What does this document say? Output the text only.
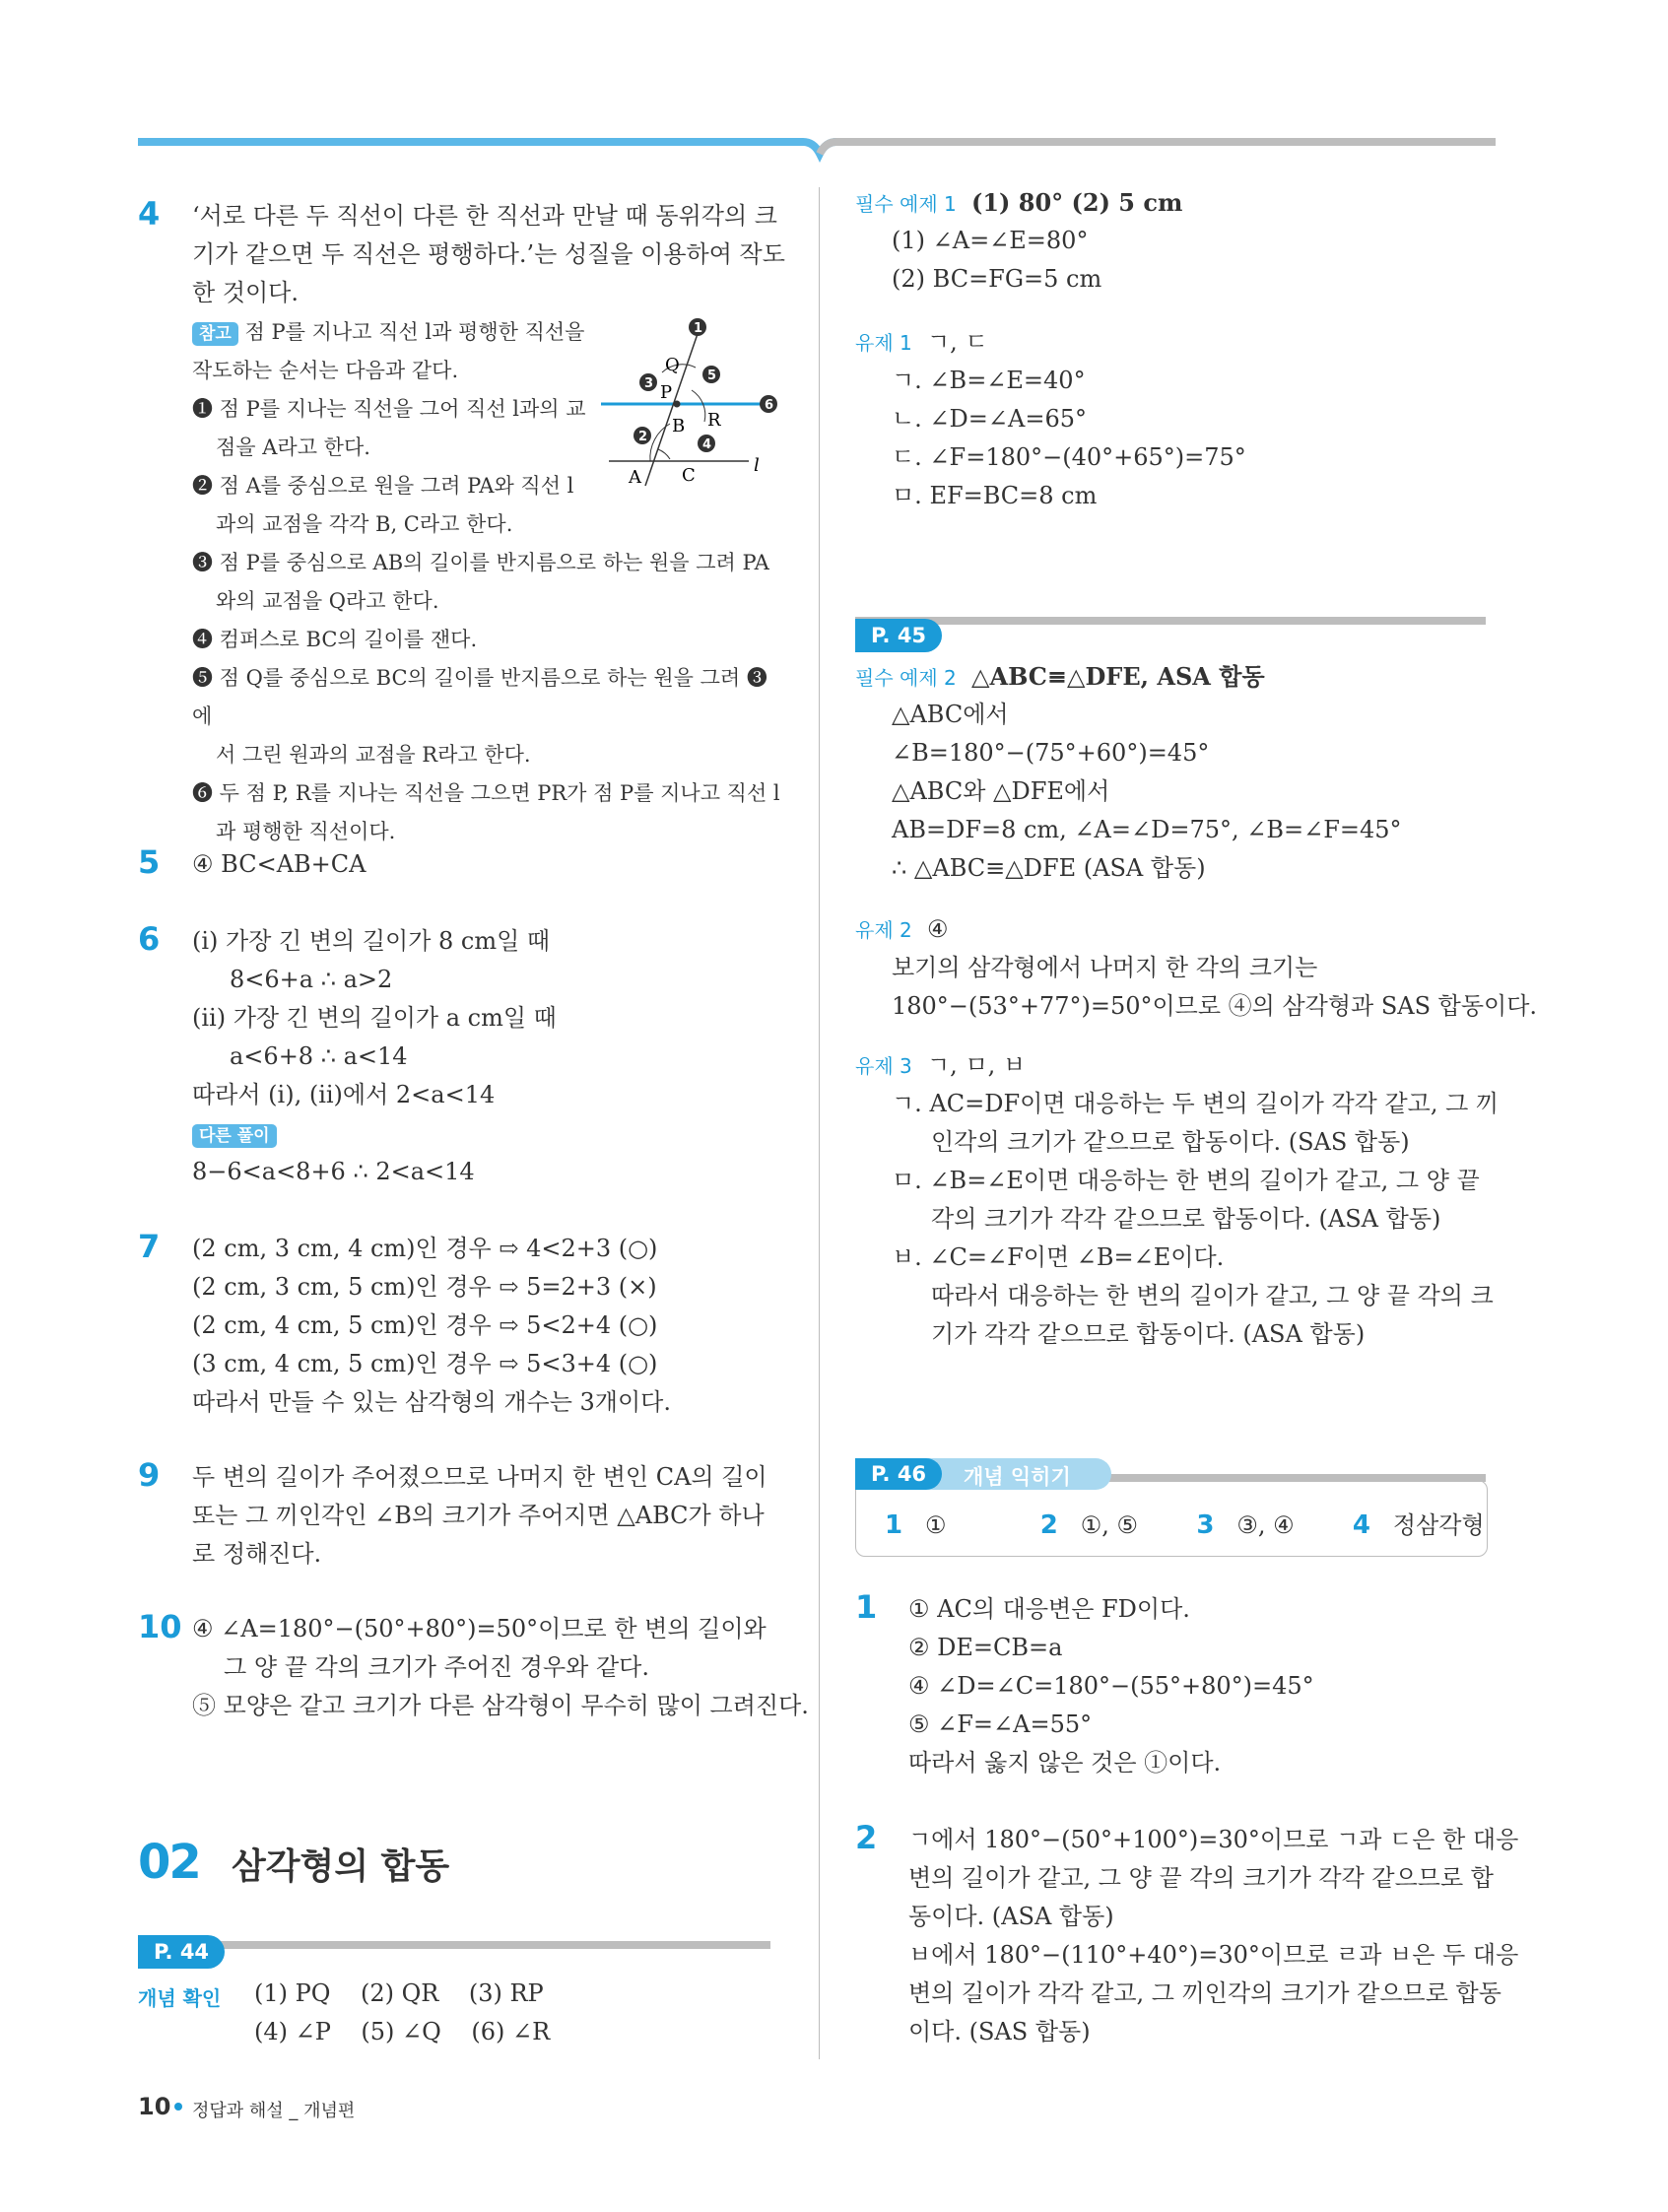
4 ‘서로 다른 두 직선이 다른 한 직선과 만날 때 동위각의 크
기가 같으면 두 직선은 평행하다.’는 성질을 이용하여 작도
한 것이다.
참고 점 P를 지나고 직선 l과 평행한 직선을
작도하는 순서는 다음과 같다.
❶ 점 P를 지나는 직선을 그어 직선 l과의 교
점을 A라고 한다.
❷ 점 A를 중심으로 원을 그려 PA와 직선 l
과의 교점을 각각 B, C라고 한다.
❸ 점 P를 중심으로 AB의 길이를 반지름으로 하는 원을 그려 PA
와의 교점을 Q라고 한다.
❹ 컴퍼스로 BC의 길이를 잰다.
❺ 점 Q를 중심으로 BC의 길이를 반지름으로 하는 원을 그려 ❸에
서 그린 원과의 교점을 R라고 한다.
❻ 두 점 P, R를 지나는 직선을 그으면 PR가 점 P를 지나고 직선 l
과 평행한 직선이다.
P
Q
R
B
A C	l
1
2
3
4
5
6
5 ④ BC<AB+CA
6 (ⅰ) 가장 긴 변의 길이가 8 cm일 때
8<6+a ∴ a>2
(ⅱ) 가장 긴 변의 길이가 a cm일 때
a<6+8 ∴ a<14
따라서 (ⅰ), (ⅱ)에서 2<a<14
다른 풀이
8−6<a<8+6 ∴ 2<a<14
7 (2 cm, 3 cm, 4 cm)인 경우 ⇨ 4<2+3 (○)
(2 cm, 3 cm, 5 cm)인 경우 ⇨ 5=2+3 (×)
(2 cm, 4 cm, 5 cm)인 경우 ⇨ 5<2+4 (○)
(3 cm, 4 cm, 5 cm)인 경우 ⇨ 5<3+4 (○)
따라서 만들 수 있는 삼각형의 개수는 3개이다.
9 두 변의 길이가 주어졌으므로 나머지 한 변인 CA의 길이
또는 그 끼인각인 ∠B의 크기가 주어지면 △ABC가 하나
로 정해진다.
10 ④ ∠A=180°−(50°+80°)=50°이므로 한 변의 길이와
그 양 끝 각의 크기가 주어진 경우와 같다.
⑤ 모양은 같고 크기가 다른 삼각형이 무수히 많이 그려진다.
02 삼각형의 합동
P. 44
개념 확인 (1) PQ (2) QR (3) RP
(4) ∠P (5) ∠Q (6) ∠R
10 정답과 해설 _ 개념편
필수 예제 1 (1) 80° (2) 5 cm
(1) ∠A=∠E=80°
(2) BC=FG=5 cm
유제 1 ㄱ, ㄷ
ㄱ. ∠B=∠E=40°
ㄴ. ∠D=∠A=65°
ㄷ. ∠F=180°−(40°+65°)=75°
ㅁ. EF=BC=8 cm
P. 45
필수 예제 2 △ABC≡△DFE, ASA 합동
△ABC에서
∠B=180°−(75°+60°)=45°
△ABC와 △DFE에서
AB=DF=8 cm, ∠A=∠D=75°, ∠B=∠F=45°
∴ △ABC≡△DFE (ASA 합동)
유제 2 ④
보기의 삼각형에서 나머지 한 각의 크기는
180°−(53°+77°)=50°이므로 ④의 삼각형과 SAS 합동이다.
유제 3 ㄱ, ㅁ, ㅂ
ㄱ. AC=DF이면 대응하는 두 변의 길이가 각각 같고, 그 끼
인각의 크기가 같으므로 합동이다. (SAS 합동)
ㅁ. ∠B=∠E이면 대응하는 한 변의 길이가 같고, 그 양 끝
각의 크기가 각각 같으므로 합동이다. (ASA 합동)
ㅂ. ∠C=∠F이면 ∠B=∠E이다.
따라서 대응하는 한 변의 길이가 같고, 그 양 끝 각의 크
기가 각각 같으므로 합동이다. (ASA 합동)
P. 46	개념 익히기
1 ①	2 ①, ⑤ 3 ③, ④ 4 정삼각형
1 ① AC의 대응변은 FD이다.
② DE=CB=a
④ ∠D=∠C=180°−(55°+80°)=45°
⑤ ∠F=∠A=55°
따라서 옳지 않은 것은 ①이다.
2 ㄱ에서 180°−(50°+100°)=30°이므로 ㄱ과 ㄷ은 한 대응
변의 길이가 같고, 그 양 끝 각의 크기가 각각 같으므로 합
동이다. (ASA 합동)
ㅂ에서 180°−(110°+40°)=30°이므로 ㄹ과 ㅂ은 두 대응
변의 길이가 각각 같고, 그 끼인각의 크기가 같으므로 합동
이다. (SAS 합동)
